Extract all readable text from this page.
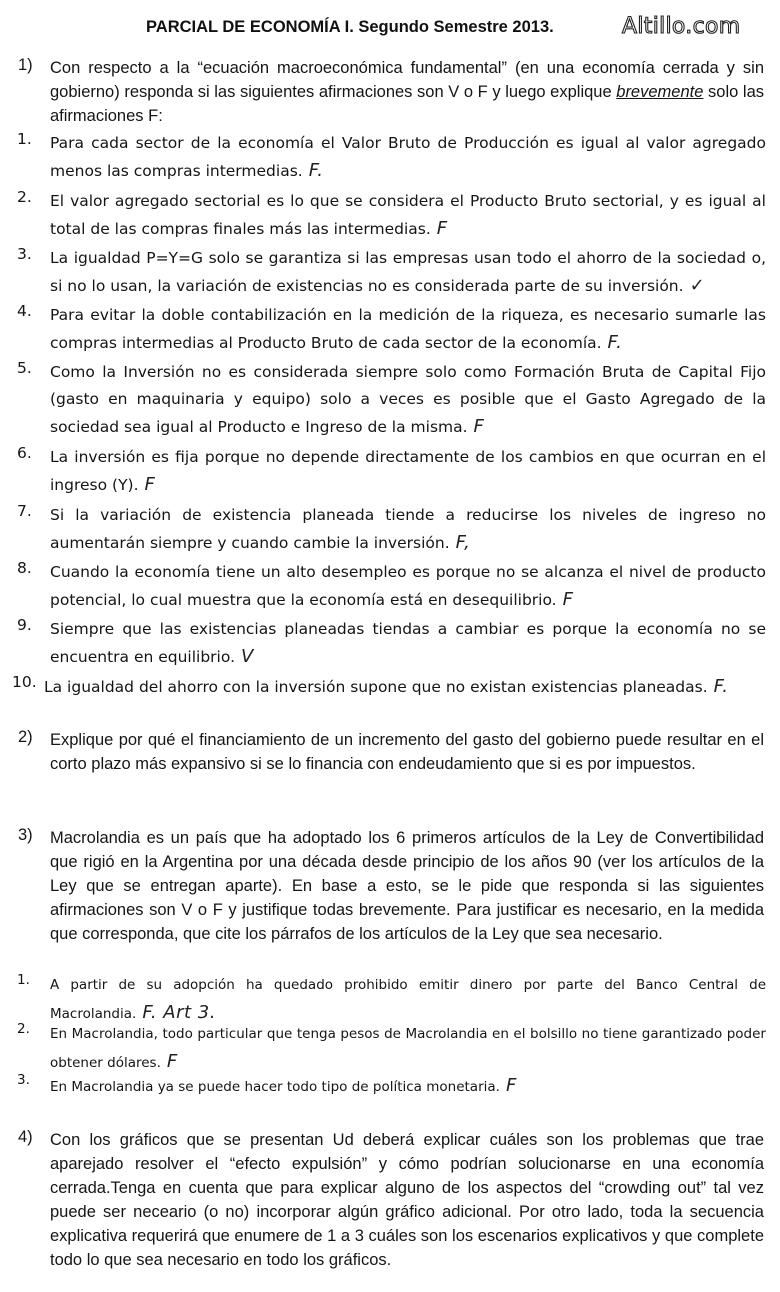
PARCIAL DE ECONOMÍA I. Segundo Semestre 2013.	Altillo.com
1) Con respecto a la “ecuación macroeconómica fundamental” (en una economía cerrada y sin gobierno) responda si las siguientes afirmaciones son V o F y luego explique brevemente solo las afirmaciones F:
1. Para cada sector de la economía el Valor Bruto de Producción es igual al valor agregado menos las compras intermedias. F.
2. El valor agregado sectorial es lo que se considera el Producto Bruto sectorial, y es igual al total de las compras finales más las intermedias. F
3. La igualdad P=Y=G solo se garantiza si las empresas usan todo el ahorro de la sociedad o, si no lo usan, la variación de existencias no es considerada parte de su inversión. ✓
4. Para evitar la doble contabilización en la medición de la riqueza, es necesario sumarle las compras intermedias al Producto Bruto de cada sector de la economía. F.
5. Como la Inversión no es considerada siempre solo como Formación Bruta de Capital Fijo (gasto en maquinaria y equipo) solo a veces es posible que el Gasto Agregado de la sociedad sea igual al Producto e Ingreso de la misma. F
6. La inversión es fija porque no depende directamente de los cambios en que ocurran en el ingreso (Y). F
7. Si la variación de existencia planeada tiende a reducirse los niveles de ingreso no aumentarán siempre y cuando cambie la inversión. F,
8. Cuando la economía tiene un alto desempleo es porque no se alcanza el nivel de producto potencial, lo cual muestra que la economía está en desequilibrio. F
9. Siempre que las existencias planeadas tiendas a cambiar es porque la economía no se encuentra en equilibrio. V
10. La igualdad del ahorro con la inversión supone que no existan existencias planeadas. F.
2) Explique por qué el financiamiento de un incremento del gasto del gobierno puede resultar en el corto plazo más expansivo si se lo financia con endeudamiento que si es por impuestos.
3) Macrolandia es un país que ha adoptado los 6 primeros artículos de la Ley de Convertibilidad que rigió en la Argentina por una década desde principio de los años 90 (ver los artículos de la Ley que se entregan aparte). En base a esto, se le pide que responda si las siguientes afirmaciones son V o F y justifique todas brevemente. Para justificar es necesario, en la medida que corresponda, que cite los párrafos de los artículos de la Ley que sea necesario.
1. A partir de su adopción ha quedado prohibido emitir dinero por parte del Banco Central de Macrolandia. F. Art 3.
2. En Macrolandia, todo particular que tenga pesos de Macrolandia en el bolsillo no tiene garantizado poder obtener dólares. F
3. En Macrolandia ya se puede hacer todo tipo de política monetaria. F
4) Con los gráficos que se presentan Ud deberá explicar cuáles son los problemas que trae aparejado resolver el “efecto expulsión” y cómo podrían solucionarse en una economía cerrada.Tenga en cuenta que para explicar alguno de los aspectos del “crowding out” tal vez puede ser neceario (o no) incorporar algún gráfico adicional. Por otro lado, toda la secuencia explicativa requerirá que enumere de 1 a 3 cuáles son los escenarios explicativos y que complete todo lo que sea necesario en todo los gráficos.
